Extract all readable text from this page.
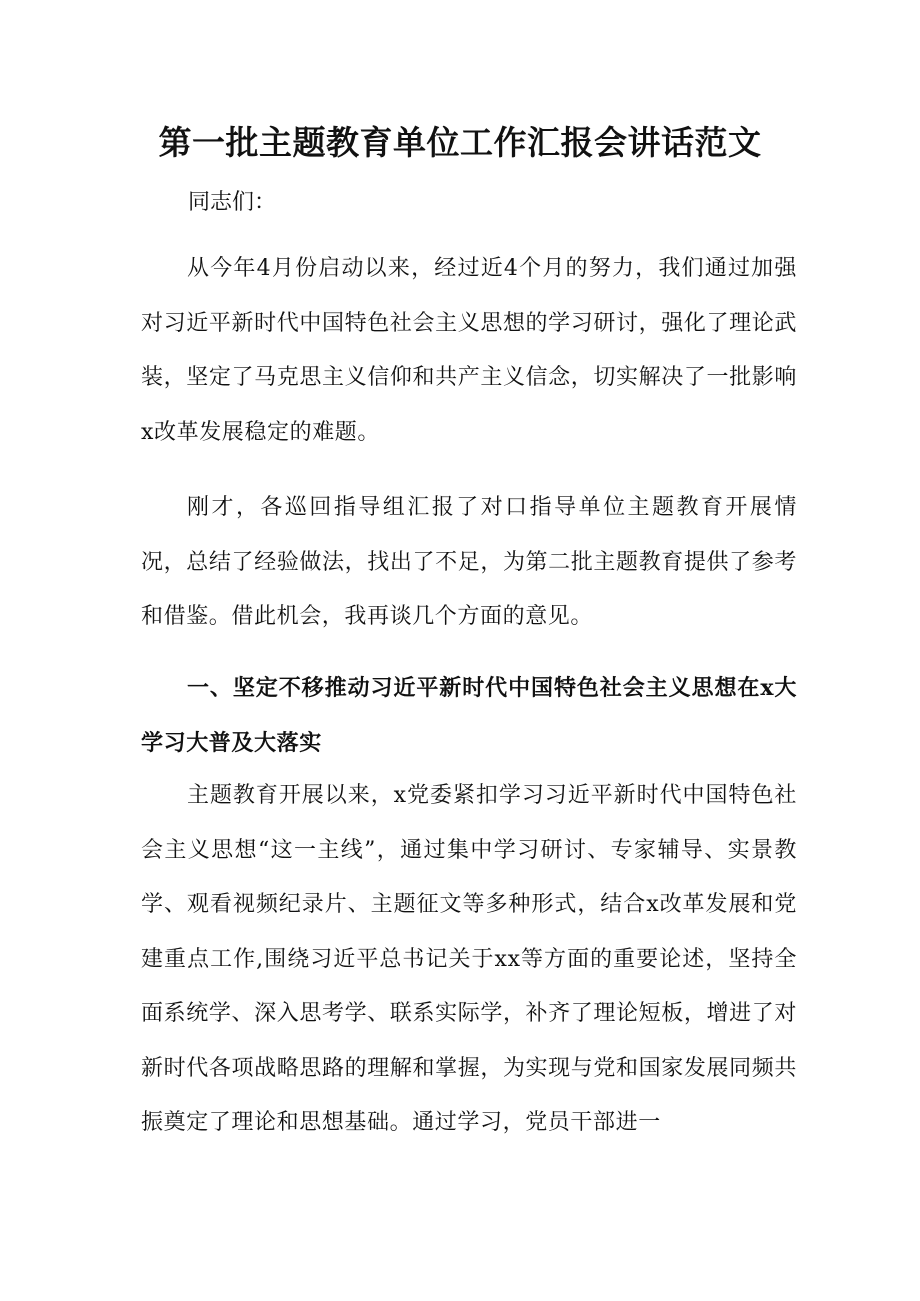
第一批主题教育单位工作汇报会讲话范文

同志们：

从今年4月份启动以来，经过近4个月的努力，我们通过加强对习近平新时代中国特色社会主义思想的学习研讨，强化了理论武装，坚定了马克思主义信仰和共产主义信念，切实解决了一批影响x改革发展稳定的难题。

刚才，各巡回指导组汇报了对口指导单位主题教育开展情况，总结了经验做法，找出了不足，为第二批主题教育提供了参考和借鉴。借此机会，我再谈几个方面的意见。

一、坚定不移推动习近平新时代中国特色社会主义思想在x大学习大普及大落实

主题教育开展以来，x党委紧扣学习习近平新时代中国特色社会主义思想“这一主线”，通过集中学习研讨、专家辅导、实景教学、观看视频纪录片、主题征文等多种形式，结合x改革发展和党建重点工作,围绕习近平总书记关于xx等方面的重要论述，坚持全面系统学、深入思考学、联系实际学，补齐了理论短板，增进了对新时代各项战略思路的理解和掌握，为实现与党和国家发展同频共振奠定了理论和思想基础。通过学习，党员干部进一
